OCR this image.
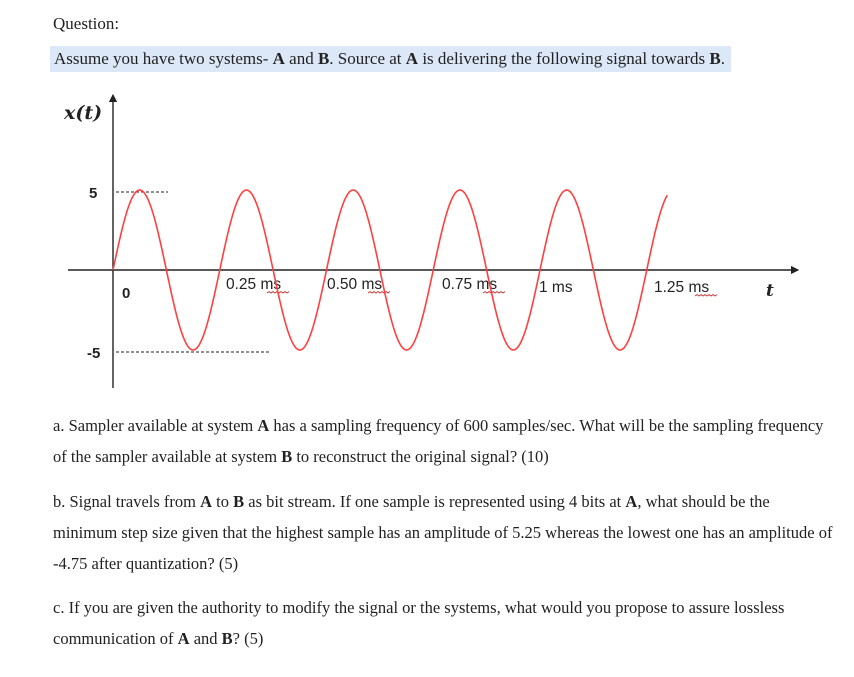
Question:
Assume you have two systems- A and B. Source at A is delivering the following signal towards B.
x(t)
t
5
-5
0
0.25 ms	0.50 ms	0.75 ms	1 ms	1.25 ms
a. Sampler available at system A has a sampling frequency of 600 samples/sec. What will be the sampling frequency of the sampler available at system B to reconstruct the original signal? (10)
b. Signal travels from A to B as bit stream. If one sample is represented using 4 bits at A, what should be the minimum step size given that the highest sample has an amplitude of 5.25 whereas the lowest one has an amplitude of -4.75 after quantization? (5)
c. If you are given the authority to modify the signal or the systems, what would you propose to assure lossless communication of A and B? (5)
